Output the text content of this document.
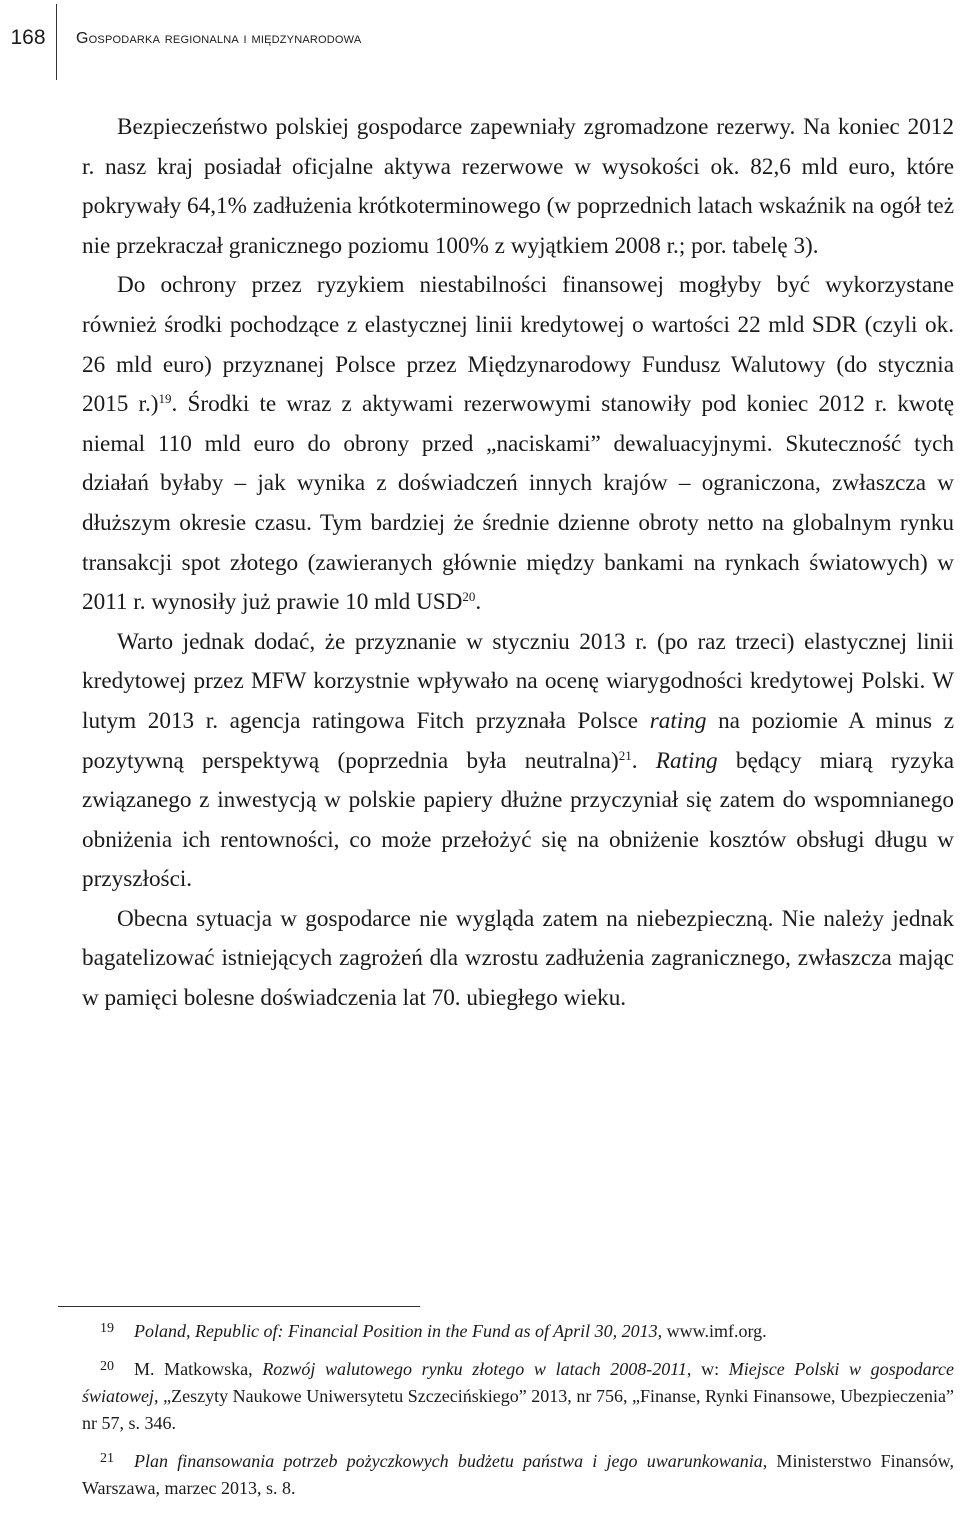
168	Gospodarka regionalna i międzynarodowa

Bezpieczeństwo polskiej gospodarce zapewniały zgromadzone rezerwy. Na koniec 2012 r. nasz kraj posiadał oficjalne aktywa rezerwowe w wysokości ok. 82,6 mld euro, które pokrywały 64,1% zadłużenia krótkoterminowego (w poprzednich latach wskaźnik na ogół też nie przekraczał granicznego poziomu 100% z wyjątkiem 2008 r.; por. tabelę 3).

Do ochrony przez ryzykiem niestabilności finansowej mogłyby być wykorzystane również środki pochodzące z elastycznej linii kredytowej o wartości 22 mld SDR (czyli ok. 26 mld euro) przyznanej Polsce przez Międzynarodowy Fundusz Walutowy (do stycznia 2015 r.)$^{19}$. Środki te wraz z aktywami rezerwowymi stanowiły pod koniec 2012 r. kwotę niemal 110 mld euro do obrony przed „naciskami” dewaluacyjnymi. Skuteczność tych działań byłaby – jak wynika z doświadczeń innych krajów – ograniczona, zwłaszcza w dłuższym okresie czasu. Tym bardziej że średnie dzienne obroty netto na globalnym rynku transakcji spot złotego (zawieranych głównie między bankami na rynkach światowych) w 2011 r. wynosiły już prawie 10 mld USD$^{20}$.

Warto jednak dodać, że przyznanie w styczniu 2013 r. (po raz trzeci) elastycznej linii kredytowej przez MFW korzystnie wpływało na ocenę wiarygodności kredytowej Polski. W lutym 2013 r. agencja ratingowa Fitch przyznała Polsce rating na poziomie A minus z pozytywną perspektywą (poprzednia była neutralna)$^{21}$. Rating będący miarą ryzyka związanego z inwestycją w polskie papiery dłużne przyczyniał się zatem do wspomnianego obniżenia ich rentowności, co może przełożyć się na obniżenie kosztów obsługi długu w przyszłości.

Obecna sytuacja w gospodarce nie wygląda zatem na niebezpieczną. Nie należy jednak bagatelizować istniejących zagrożeń dla wzrostu zadłużenia zagranicznego, zwłaszcza mając w pamięci bolesne doświadczenia lat 70. ubiegłego wieku.

19 Poland, Republic of: Financial Position in the Fund as of April 30, 2013, www.imf.org.

20 M. Matkowska, Rozwój walutowego rynku złotego w latach 2008-2011, w: Miejsce Polski w gospodarce światowej, „Zeszyty Naukowe Uniwersytetu Szczecińskiego” 2013, nr 756, „Finanse, Rynki Finansowe, Ubezpieczenia” nr 57, s. 346.

21 Plan finansowania potrzeb pożyczkowych budżetu państwa i jego uwarunkowania, Ministerstwo Finansów, Warszawa, marzec 2013, s. 8.
